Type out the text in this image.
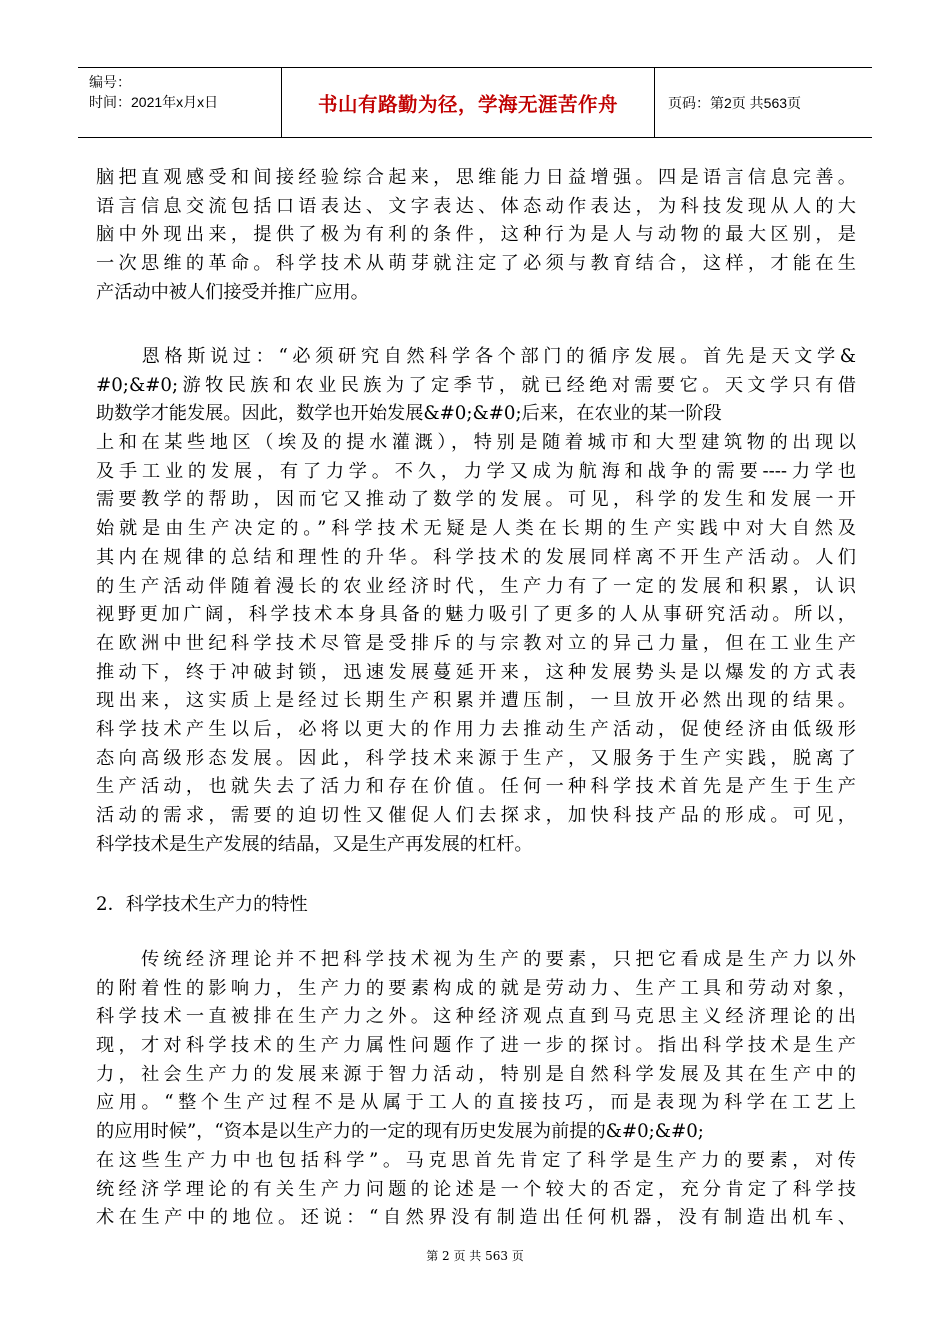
编号：
时间：2021年x月x日	书山有路勤为径，学海无涯苦作舟	页码：第2页 共563页
脑把直观感受和间接经验综合起来，思维能力日益增强。四是语言信息完善。
语言信息交流包括口语表达、文字表达、体态动作表达，为科技发现从人的大
脑中外现出来，提供了极为有利的条件，这种行为是人与动物的最大区别，是
一次思维的革命。科学技术从萌芽就注定了必须与教育结合，这样，才能在生
产活动中被人们接受并推广应用。
　　恩格斯说过：“必须研究自然科学各个部门的循序发展。首先是天文学&
#0;&#0;游牧民族和农业民族为了定季节，就已经绝对需要它。天文学只有借
助数学才能发展。因此，数学也开始发展&#0;&#0;后来，在农业的某一阶段
上和在某些地区（埃及的提水灌溉），特别是随着城市和大型建筑物的出现以
及手工业的发展，有了力学。不久，力学又成为航海和战争的需要----力学也
需要教学的帮助，因而它又推动了数学的发展。可见，科学的发生和发展一开
始就是由生产决定的。”科学技术无疑是人类在长期的生产实践中对大自然及
其内在规律的总结和理性的升华。科学技术的发展同样离不开生产活动。人们
的生产活动伴随着漫长的农业经济时代，生产力有了一定的发展和积累，认识
视野更加广阔，科学技术本身具备的魅力吸引了更多的人从事研究活动。所以，
在欧洲中世纪科学技术尽管是受排斥的与宗教对立的异己力量，但在工业生产
推动下，终于冲破封锁，迅速发展蔓延开来，这种发展势头是以爆发的方式表
现出来，这实质上是经过长期生产积累并遭压制，一旦放开必然出现的结果。
科学技术产生以后，必将以更大的作用力去推动生产活动，促使经济由低级形
态向高级形态发展。因此，科学技术来源于生产，又服务于生产实践，脱离了
生产活动，也就失去了活力和存在价值。任何一种科学技术首先是产生于生产
活动的需求，需要的迫切性又催促人们去探求，加快科技产品的形成。可见，
科学技术是生产发展的结晶，又是生产再发展的杠杆。
2．科学技术生产力的特性
　　传统经济理论并不把科学技术视为生产的要素，只把它看成是生产力以外
的附着性的影响力，生产力的要素构成的就是劳动力、生产工具和劳动对象，
科学技术一直被排在生产力之外。这种经济观点直到马克思主义经济理论的出
现，才对科学技术的生产力属性问题作了进一步的探讨。指出科学技术是生产
力，社会生产力的发展来源于智力活动，特别是自然科学发展及其在生产中的
应用。“整个生产过程不是从属于工人的直接技巧，而是表现为科学在工艺上
的应用时候”，“资本是以生产力的一定的现有历史发展为前提的&#0;&#0;
在这些生产力中也包括科学”。马克思首先肯定了科学是生产力的要素，对传
统经济学理论的有关生产力问题的论述是一个较大的否定，充分肯定了科学技
术在生产中的地位。还说：“自然界没有制造出任何机器，没有制造出机车、
第 2 页 共 563 页
